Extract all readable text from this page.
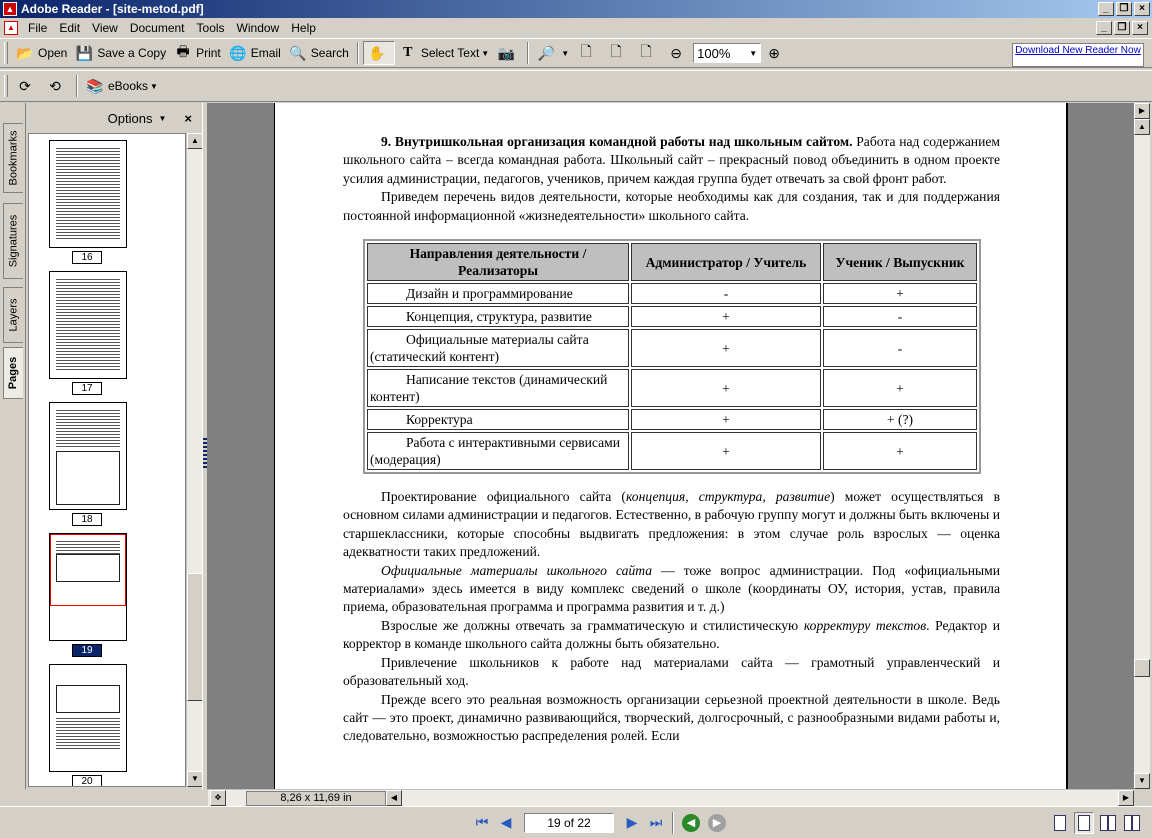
▲ Adobe Reader - [site-metod.pdf]	_	❐	×
▲	File	Edit	View	Document	Tools	Window	Help	_	❐	×
📂 Open 💾 Save a Copy 🖶 Print 🌐 Email 🔍 Search ✋	T Select Text ▼ 📷 🔎 ▼ 🗋 🗋 🗋 ⊖ 100% ▼ ⊕	Download New Reader Now
⟳ ⟲ 📚 eBooks ▼
Bookmarks
Signatures
Layers
Pages
Options ▼ ×
16
17
18
19
20
▲
▼

9. Внутришкольная организация командной работы над школьным сайтом. Работа над содержанием школьного сайта – всегда командная работа. Школьный сайт – прекрасный повод объединить в одном проекте усилия администрации, педагогов, учеников, причем каждая группа будет отвечать за свой фронт работ.

Приведем перечень видов деятельности, которые необходимы как для создания, так и для поддержания постоянной информационной «жизнедеятельности» школьного сайта.

Направления деятельности / Реализаторы	Администратор / Учитель	Ученик / Выпускник
Дизайн и программирование	-	+
Концепция, структура, развитие	+	-
Официальные материалы сайта (статический контент)	+	-
Написание текстов (динамический контент)	+	+
Корректура	+	+ (?)
Работа с интерактивными сервисами (модерация)	+	+

Проектирование официального сайта (концепция, структура, развитие) может осуществляться в основном силами администрации и педагогов. Естественно, в рабочую группу могут и должны быть включены и старшеклассники, которые способны выдвигать предложения: в этом случае роль взрослых — оценка адекватности таких предложений.

Официальные материалы школьного сайта — тоже вопрос администрации. Под «официальными материалами» здесь имеется в виду комплекс сведений о школе (координаты ОУ, история, устав, правила приема, образовательная программа и программа развития и т. д.)

Взрослые же должны отвечать за грамматическую и стилистическую корректуру текстов. Редактор и корректор в команде школьного сайта должны быть обязательно.

Привлечение школьников к работе над материалами сайта — грамотный управленческий и образовательный ход.

Прежде всего это реальная возможность организации серьезной проектной деятельности в школе. Ведь сайт — это проект, динамично развивающийся, творческий, долгосрочный, с разнообразными видами работы и, следовательно, возможностью распределения ролей. Если

▶
▲
▼
✥	8,26 x 11,69 in	◀	▶
⏮ ◀	19 of 22	▶ ⏭	◀	▶
